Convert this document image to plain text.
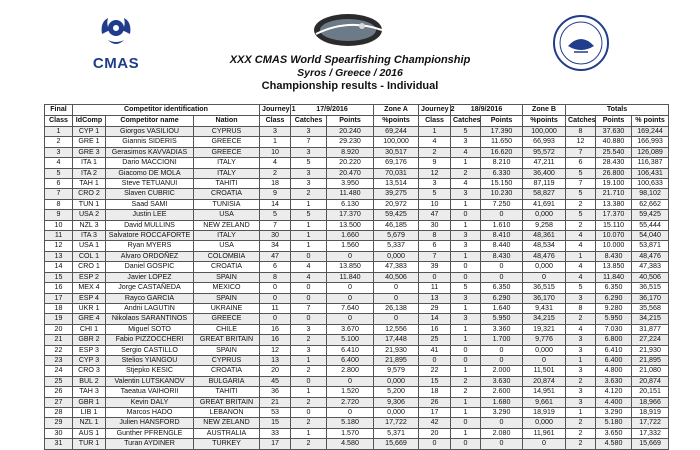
CMAS	XXX CMAS World Spearfishing Championship
Syros / Greece / 2016
Championship results - Individual
Final	Competitor identification			Journey 1	17/9/2016		Zone A	Journey 2	18/9/2016		Zone B	Totals		
Class	IdComp	Competitor name	Nation	Class	Catches	Points	%points	Class	Catches	Points	%points	Catches	Points	% points
1	CYP 1	Giorgos VASILIOU	CYPRUS	3	3	20.240	69,244	1	5	17.390	100,000	8	37.630	169,244
2	GRE 1	Giannis SIDERIS	GREECE	1	7	29.230	100,000	4	3	11.650	66,993	12	40.880	166,993
3	GRE 3	Gerasimos KAVVADIAS	GREECE	10	3	8.920	30,517	2	4	16.620	95,572	7	25.540	126,089
4	ITA 1	Dario MACCIONI	ITALY	4	5	20.220	69,176	9	1	8.210	47,211	6	28.430	116,387
5	ITA 2	Giacomo DE MOLA	ITALY	2	3	20.470	70,031	12	2	6.330	36,400	5	26.800	106,431
6	TAH 1	Steve TETUANUI	TAHITI	18	3	3.950	13,514	3	4	15.150	87,119	7	19.100	100,633
7	CRO 2	Slaven CUBRIC	CROATIA	9	2	11.480	39,275	5	3	10.230	58,827	5	21.710	98,102
8	TUN 1	Saad SAMI	TUNISIA	14	1	6.130	20,972	10	1	7.250	41,691	2	13.380	62,662
9	USA 2	Justin LEE	USA	5	5	17.370	59,425	47	0	0	0,000	5	17.370	59,425
10	NZL 3	David MULLINS	NEW ZELAND	7	1	13.500	46,185	30	1	1.610	9,258	2	15.110	55,444
11	ITA 3	Salvatore ROCCAFORTE	ITALY	30	1	1.660	5,679	8	3	8.410	48,361	4	10.070	54,040
12	USA 1	Ryan MYERS	USA	34	1	1.560	5,337	6	3	8.440	48,534	4	10.000	53,871
13	COL 1	Alvaro ORDOÑEZ	COLOMBIA	47	0	0	0,000	7	1	8.430	48,476	1	8.430	48,476
14	CRO 1	Daniel GOSPIC	CROATIA	6	4	13.850	47,383	39	0	0	0,000	4	13.850	47,383
15	ESP 2	Javier LOPEZ	SPAIN	8	4	11.840	40,506	0	0	0	0	4	11.840	40,506
16	MEX 4	Jorge CASTAÑEDA	MEXICO	0	0	0	0	11	5	6.350	36,515	5	6.350	36,515
17	ESP 4	Rayco GARCIA	SPAIN	0	0	0	0	13	3	6.290	36,170	3	6.290	36,170
18	UKR 1	Andrii LAGUTIN	UKRAINE	11	7	7.640	26,138	29	1	1.640	9,431	8	9.280	35,568
19	GRE 4	Nikolaos SARANTINOS	GREECE	0	0	0	0	14	3	5.950	34,215	2	5.950	34,215
20	CHI 1	Miguel SOTO	CHILE	16	3	3.670	12,556	16	1	3.360	19,321	4	7.030	31,877
21	GBR 2	Fabio PIZZOCCHERI	GREAT BRITAIN	16	2	5.100	17,448	25	1	1.700	9,776	3	6.800	27,224
22	ESP 3	Sergio CASTILLO	SPAIN	12	3	6.410	21,930	41	0	0	0,000	3	6.410	21,930
23	CYP 3	Stelios YIANGOU	CYPRUS	13	1	6.400	21,895	0	0	0	0	1	6.400	21,895
24	CRO 3	Stjepko KESIC	CROATIA	20	2	2.800	9,579	22	1	2.000	11,501	3	4.800	21,080
25	BUL 2	Valentin LUTSKANOV	BULGARIA	45	0	0	0,000	15	2	3.630	20,874	2	3.630	20,874
26	TAH 3	Taeatua VAIHORII	TAHITI	36	1	1.520	5,200	18	2	2.600	14,951	3	4.120	20,151
27	GBR 1	Kevin DALY	GREAT BRITAIN	21	2	2.720	9,306	26	1	1.680	9,661	3	4.400	18,966
28	LIB 1	Marcos HADO	LEBANON	53	0	0	0,000	17	1	3.290	18,919	1	3.290	18,919
29	NZL 1	Julien HANSFORD	NEW ZELAND	15	2	5.180	17,722	42	0	0	0,000	2	5.180	17,722
30	AUS 1	Gunther PFRENGLE	AUSTRALIA	33	1	1.570	5,371	20	1	2.080	11,961	2	3.650	17,332
31	TUR 1	Turan AYDINER	TURKEY	17	2	4.580	15,669	0	0	0	0	2	4.580	15,669
